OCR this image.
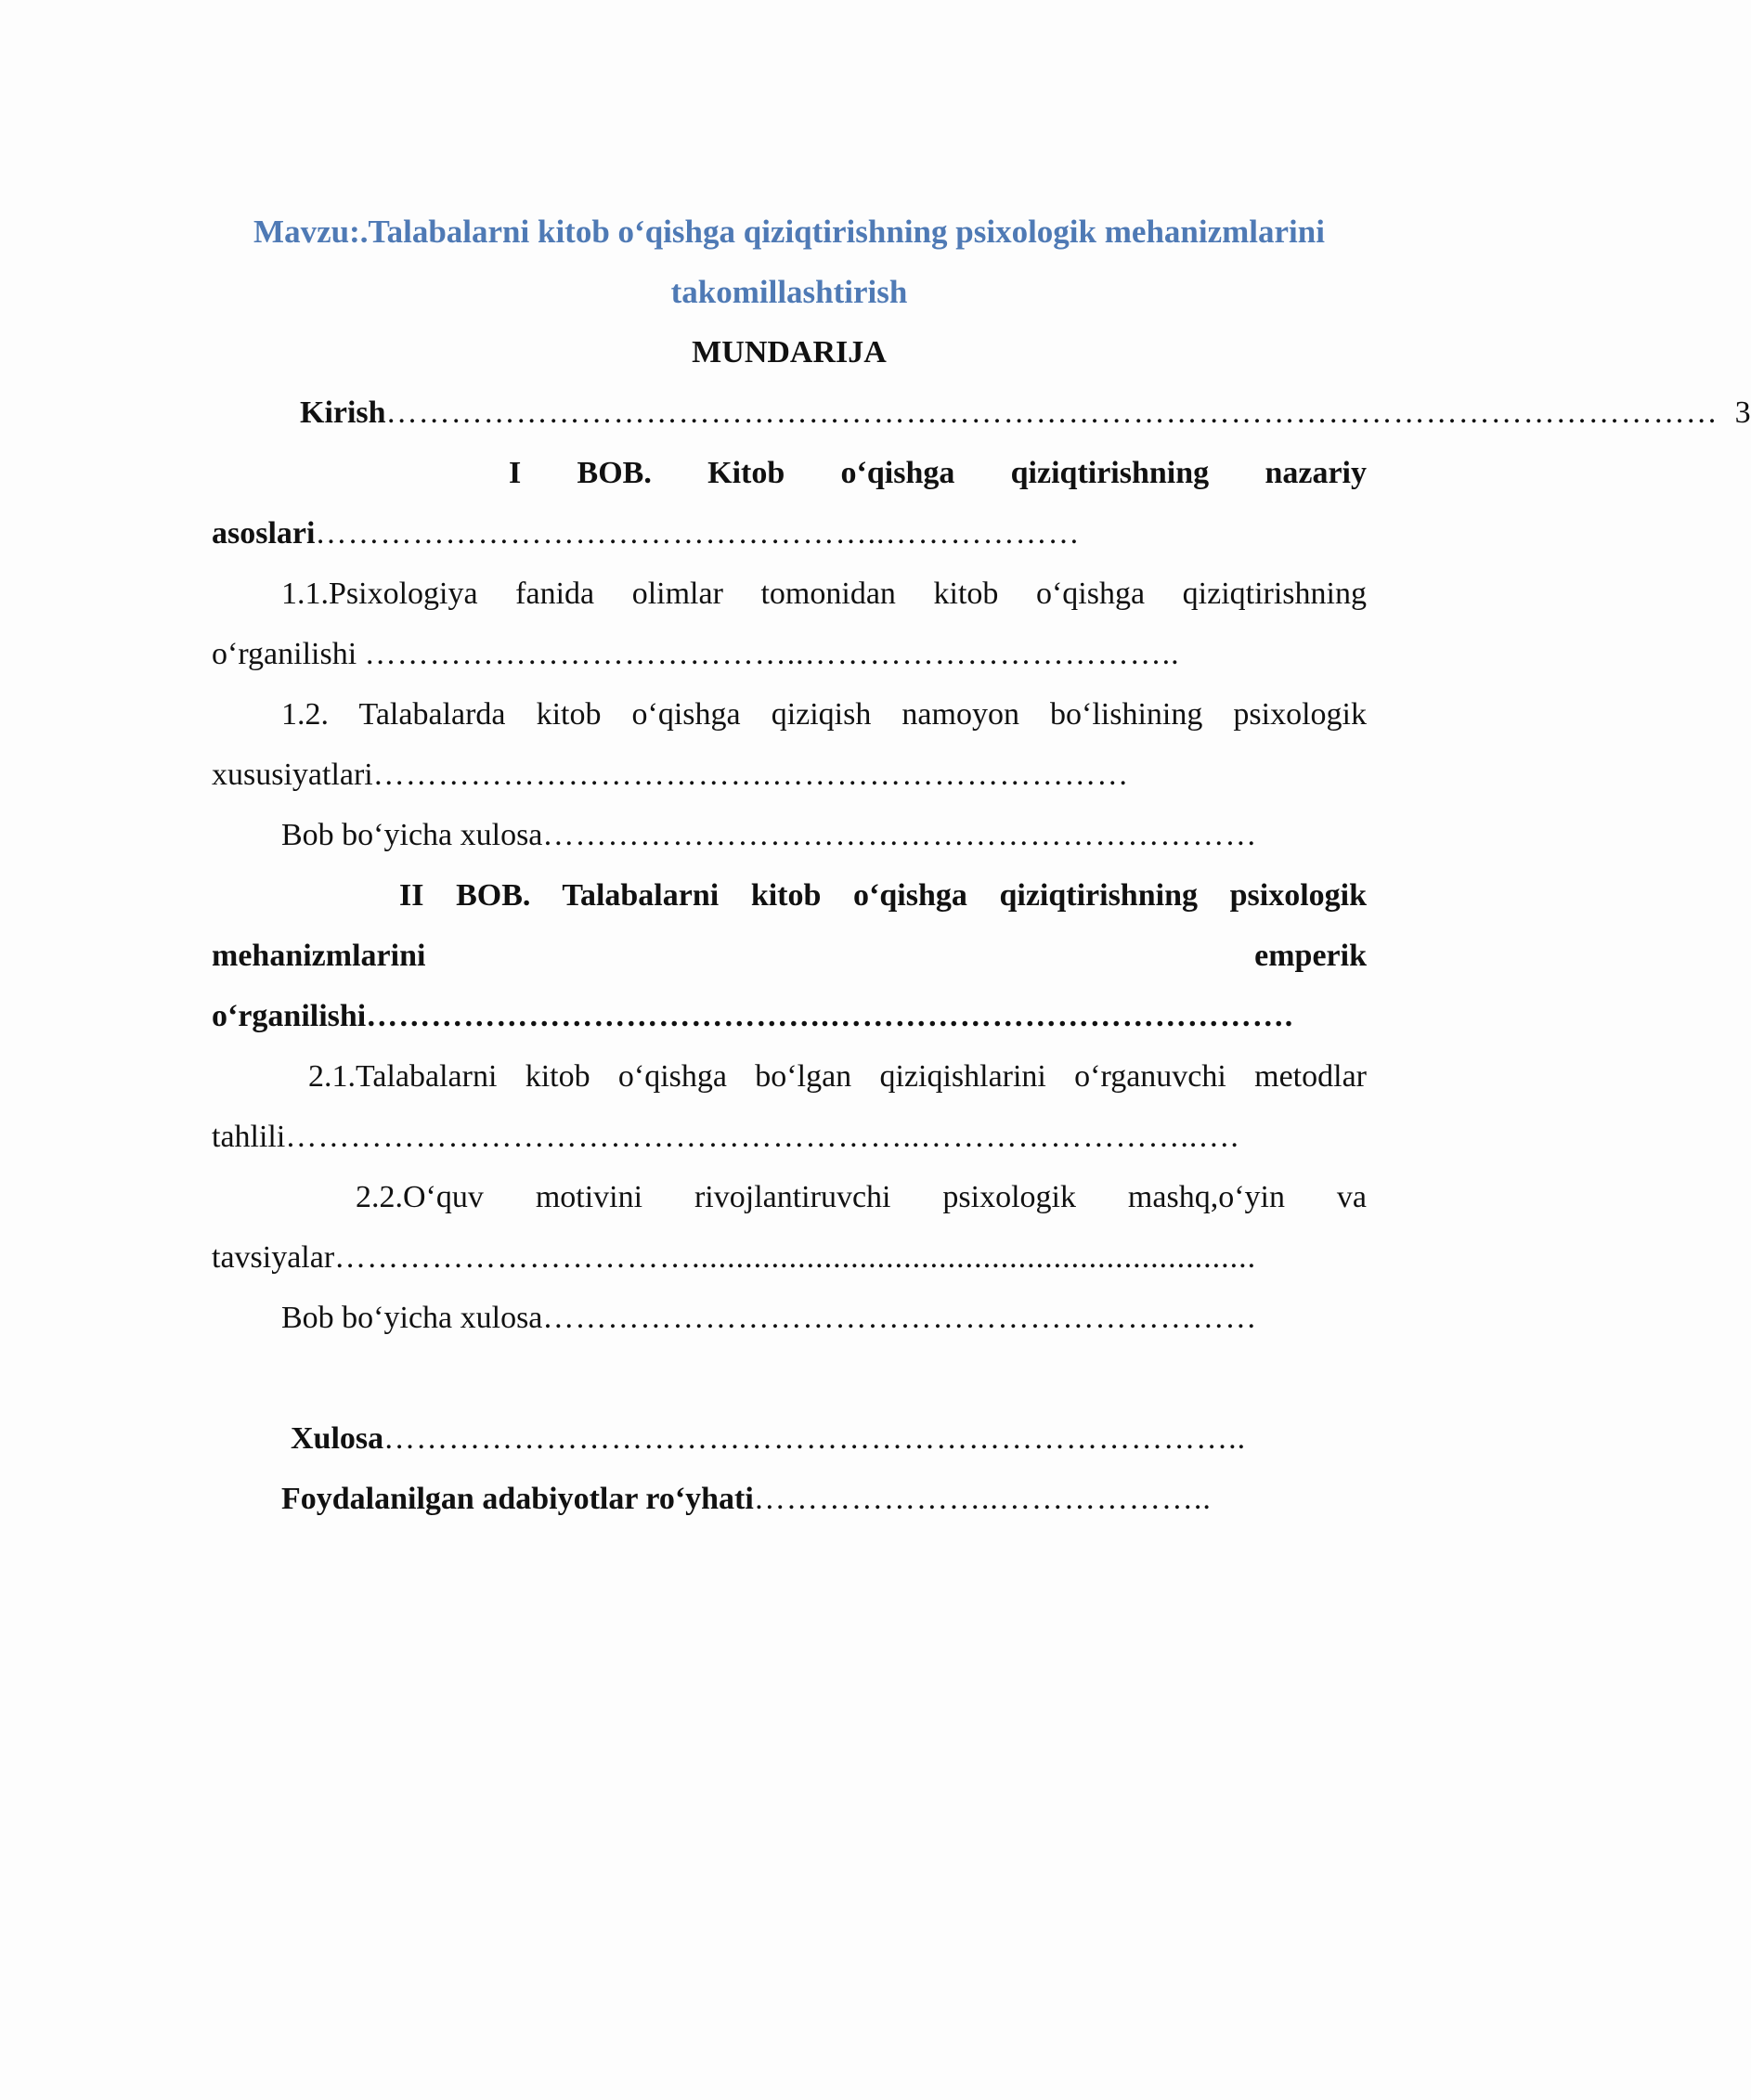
Mavzu:.Talabalarni kitob o‘qishga qiziqtirishning psixologik mehanizmlarini
takomillashtirish
MUNDARIJA
Kirish …………………………………………………………………………………………………………… 3
I BOB. Kitob o‘qishga qiziqtirishning nazariy
asoslari……………………………………………..………………
1.1.Psixologiya fanida olimlar tomonidan kitob o‘qishga qiziqtirishning
o‘rganilishi …………………………………..……………………………..
1.2. Talabalarda kitob o‘qishga qiziqish namoyon bo‘lishining psixologik
xususiyatlari……………………………….……………………………
Bob bo‘yicha xulosa…………………………………………………………
II BOB. Talabalarni kitob o‘qishga qiziqtirishning psixologik
mehanizmlarini emperik
o‘rganilishi…………………………………….…………………………………….
2.1.Talabalarni kitob o‘qishga bo‘lgan qiziqishlarini o‘rganuvchi metodlar
tahlili…………………………………………………..……………………..….
2.2.O‘quv motivini rivojlantiruvchi psixologik mashq,o‘yin va
tavsiyalar……………………………................................................................
Bob bo‘yicha xulosa…………………………………………………………
Xulosa……………………………………………………………………..
Foydalanilgan adabiyotlar ro‘yhati…………………..………………..
